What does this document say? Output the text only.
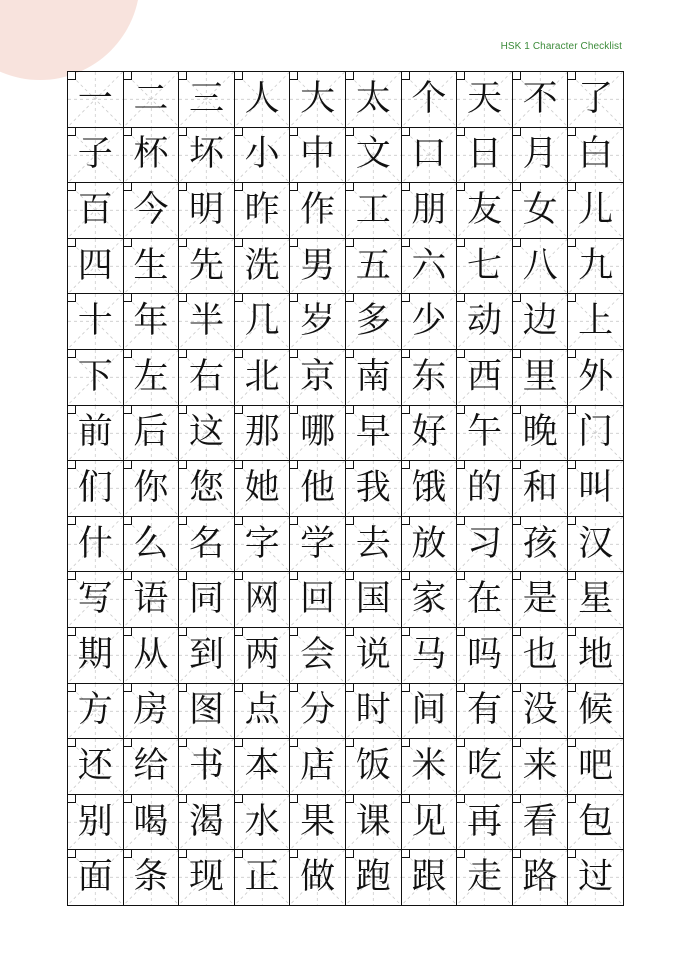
HSK 1 Character Checklist
一 二 三 人 大 太 个 天 不 了
子 杯 坏 小 中 文 口 日 月 白
百 今 明 昨 作 工 朋 友 女 儿
四 生 先 洗 男 五 六 七 八 九
十 年 半 几 岁 多 少 动 边 上
下 左 右 北 京 南 东 西 里 外
前 后 这 那 哪 早 好 午 晚 门
们 你 您 她 他 我 饿 的 和 叫
什 么 名 字 学 去 放 习 孩 汉
写 语 同 网 回 国 家 在 是 星
期 从 到 两 会 说 马 吗 也 地
方 房 图 点 分 时 间 有 没 候
还 给 书 本 店 饭 米 吃 来 吧
别 喝 渴 水 果 课 见 再 看 包
面 条 现 正 做 跑 跟 走 路 过
